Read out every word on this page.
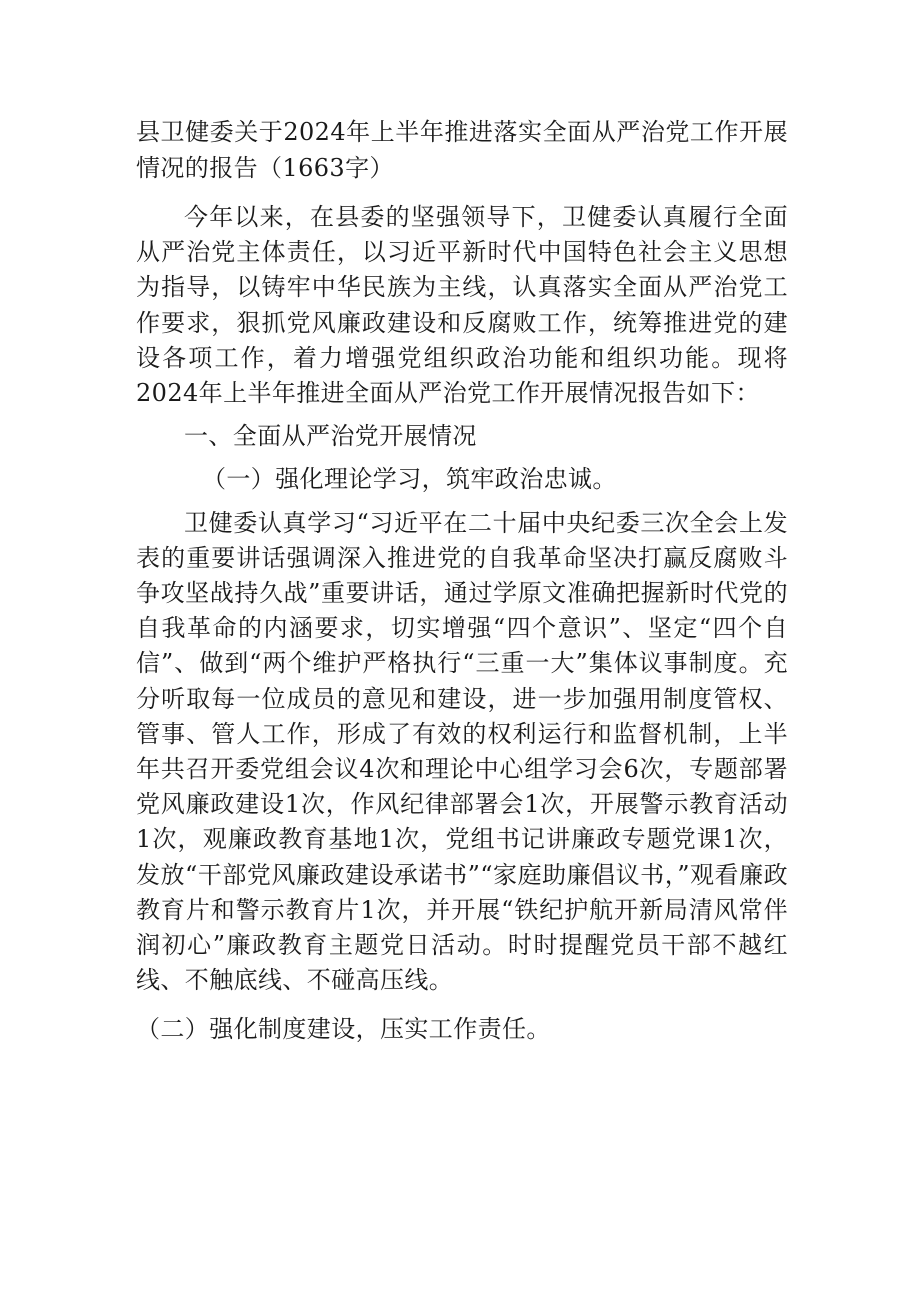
县卫健委关于2024年上半年推进落实全面从严治党工作开展情况的报告（1663字）

今年以来，在县委的坚强领导下，卫健委认真履行全面从严治党主体责任，以习近平新时代中国特色社会主义思想为指导，以铸牢中华民族为主线，认真落实全面从严治党工作要求，狠抓党风廉政建设和反腐败工作，统筹推进党的建设各项工作，着力增强党组织政治功能和组织功能。现将2024年上半年推进全面从严治党工作开展情况报告如下：

一、全面从严治党开展情况

（一）强化理论学习，筑牢政治忠诚。

卫健委认真学习“习近平在二十届中央纪委三次全会上发表的重要讲话强调深入推进党的自我革命坚决打赢反腐败斗争攻坚战持久战”重要讲话，通过学原文准确把握新时代党的自我革命的内涵要求，切实增强“四个意识”、坚定“四个自信”、做到“两个维护严格执行“三重一大”集体议事制度。充分听取每一位成员的意见和建设，进一步加强用制度管权、管事、管人工作，形成了有效的权利运行和监督机制，上半年共召开委党组会议4次和理论中心组学习会6次，专题部署党风廉政建设1次，作风纪律部署会1次，开展警示教育活动1次，观廉政教育基地1次，党组书记讲廉政专题党课1次，发放“干部党风廉政建设承诺书”“家庭助廉倡议书，”观看廉政教育片和警示教育片1次，并开展“铁纪护航开新局清风常伴润初心”廉政教育主题党日活动。时时提醒党员干部不越红线、不触底线、不碰高压线。

（二）强化制度建设，压实工作责任。
